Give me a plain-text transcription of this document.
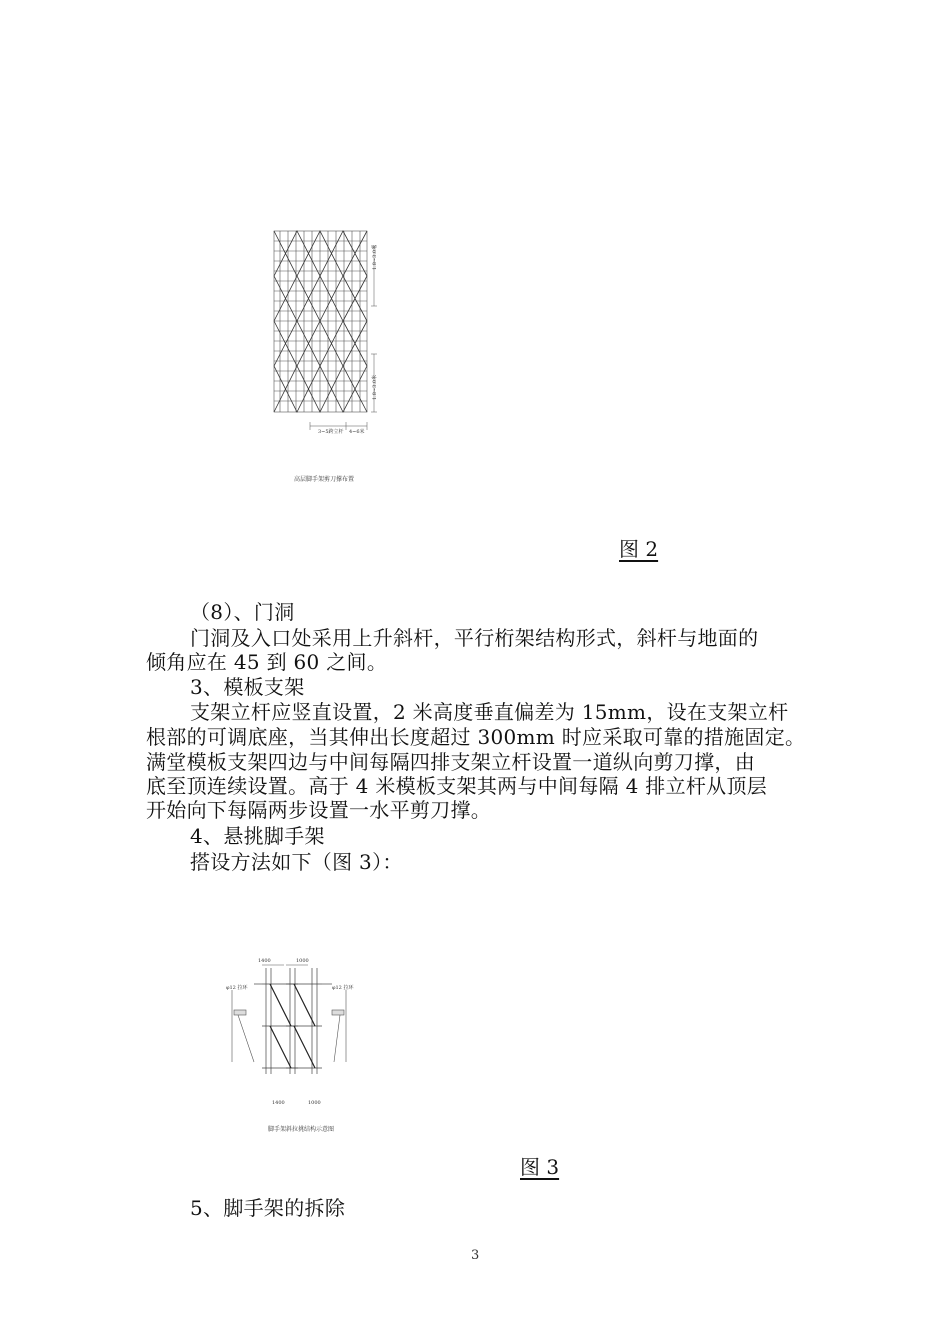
1.8~3.0米
1.8~3.0米
3~5跨立杆 4~6米
高层脚手架剪刀撑布置
图 2
（8）、门洞
门洞及入口处采用上升斜杆，平行桁架结构形式，斜杆与地面的
倾角应在 45 到 60 之间。
3、模板支架
支架立杆应竖直设置，2 米高度垂直偏差为 15mm，设在支架立杆
根部的可调底座，当其伸出长度超过 300mm 时应采取可靠的措施固定。
满堂模板支架四边与中间每隔四排支架立杆设置一道纵向剪刀撑，由
底至顶连续设置。高于 4 米模板支架其两与中间每隔 4 排立杆从顶层
开始向下每隔两步设置一水平剪刀撑。
4、悬挑脚手架
搭设方法如下（图 3）：
φ12 拉环	φ12 拉环
1400	1000
1400	1000
脚手架斜拉挑结构示意图
图 3
5、脚手架的拆除
3
